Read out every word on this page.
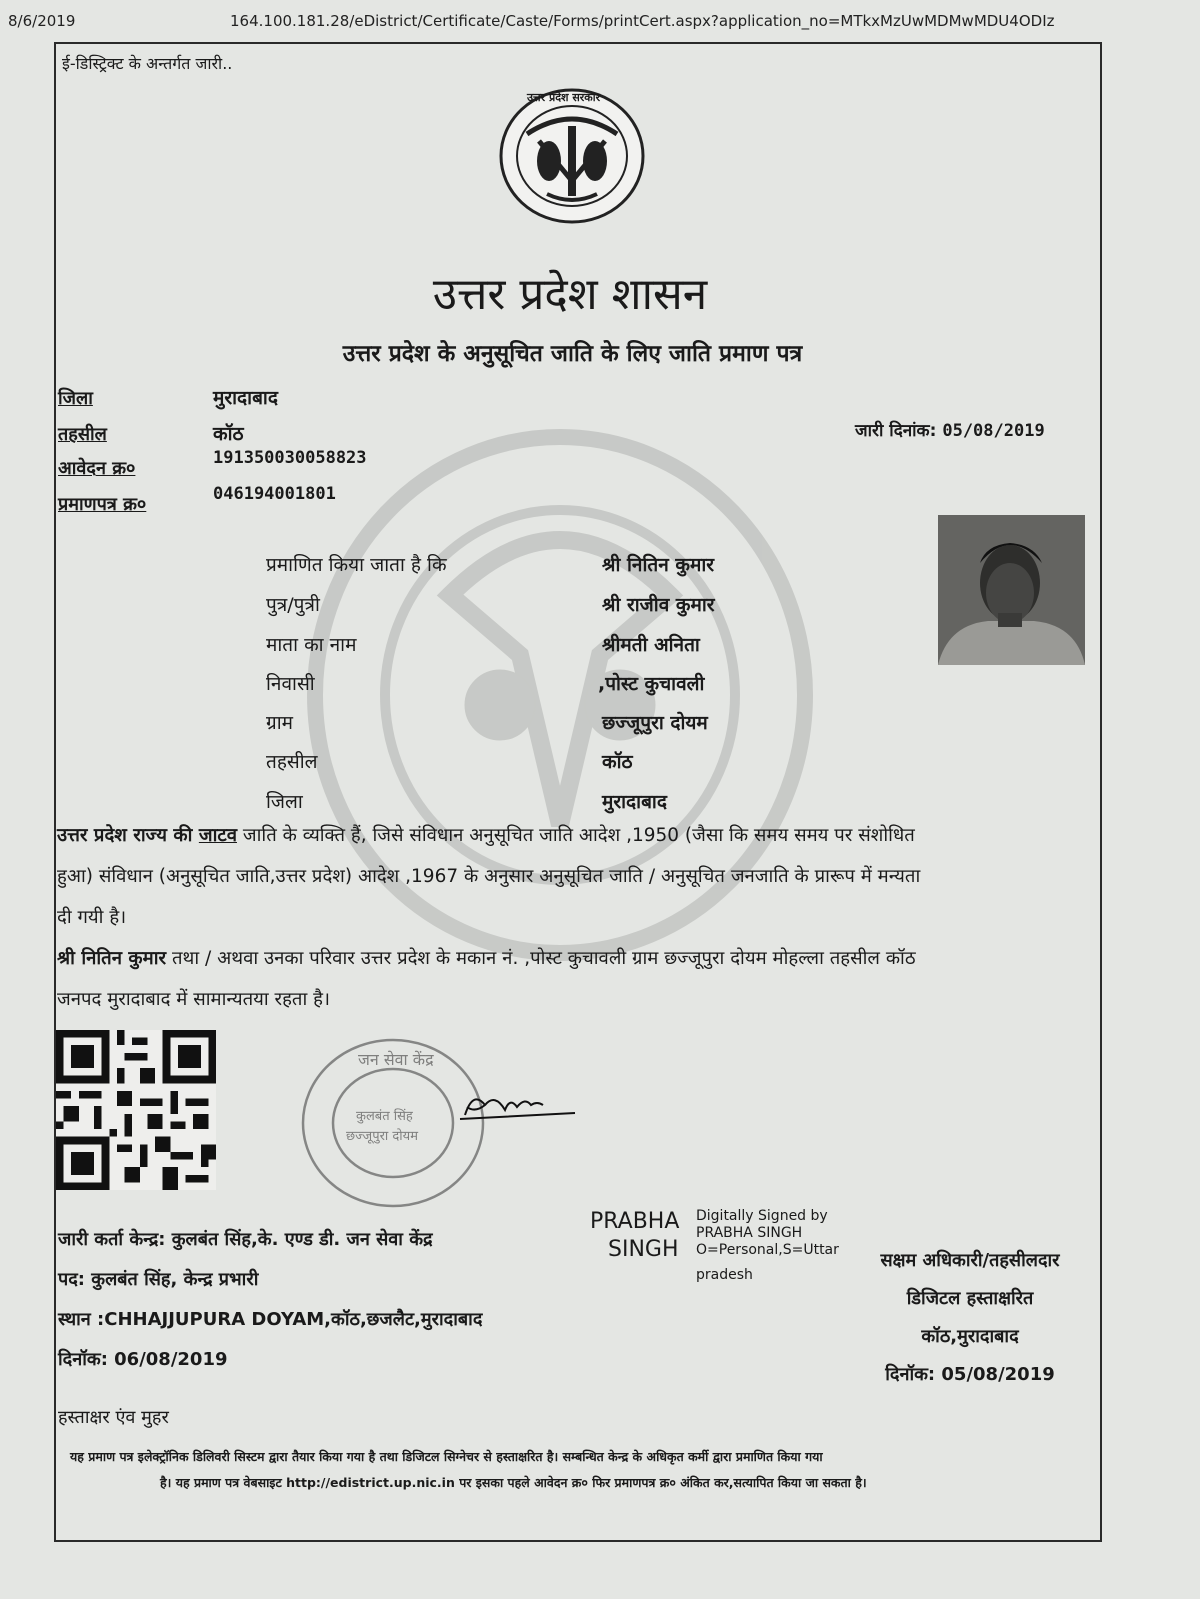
8/6/2019	164.100.181.28/eDistrict/Certificate/Caste/Forms/printCert.aspx?application_no=MTkxMzUwMDMwMDU4ODIz
ई-डिस्ट्रिक्ट के अन्तर्गत जारी..
उत्तर प्रदेश सरकार
उत्तर प्रदेश शासन
उत्तर प्रदेश के अनुसूचित जाति के लिए जाति प्रमाण पत्र
जिला	मुरादाबाद
तहसील	कॉठ
आवेदन क्र०	191350030058823
प्रमाणपत्र क्र०	046194001801
जारी दिनांक: 05/08/2019
प्रमाणित किया जाता है कि	श्री नितिन कुमार
पुत्र/पुत्री	श्री राजीव कुमार
माता का नाम	श्रीमती अनिता
निवासी	,पोस्ट कुचावली
ग्राम	छज्जूपुरा दोयम
तहसील	कॉठ
जिला	मुरादाबाद
उत्तर प्रदेश राज्य की जाटव जाति के व्यक्ति हैं, जिसे संविधान अनुसूचित जाति आदेश ,1950 (जैसा कि समय समय पर संशोधित
हुआ) संविधान (अनुसूचित जाति,उत्तर प्रदेश) आदेश ,1967 के अनुसार अनुसूचित जाति / अनुसूचित जनजाति के प्रारूप में मन्यता
दी गयी है।
श्री नितिन कुमार तथा / अथवा उनका परिवार उत्तर प्रदेश के मकान नं. ,पोस्ट कुचावली ग्राम छज्जूपुरा दोयम मोहल्ला तहसील कॉठ
जनपद मुरादाबाद में सामान्यतया रहता है।
जन सेवा केंद्र
कुलबंत सिंह
छज्जूपुरा दोयम
जारी कर्ता केन्द्र: कुलबंत सिंह,के. एण्ड डी. जन सेवा केंद्र
पद: कुलबंत सिंह, केन्द्र प्रभारी
स्थान :CHHAJJUPURA DOYAM,कॉठ,छजलैट,मुरादाबाद
दिनॉक: 06/08/2019
PRABHA
SINGH
Digitally Signed by
PRABHA SINGH
O=Personal,S=Uttar
pradesh
सक्षम अधिकारी/तहसीलदार
डिजिटल हस्ताक्षरित
कॉठ,मुरादाबाद
दिनॉक: 05/08/2019
हस्ताक्षर एंव मुहर
यह प्रमाण पत्र इलेक्ट्रॉनिक डिलिवरी सिस्टम द्वारा तैयार किया गया है तथा डिजिटल सिग्नेचर से हस्ताक्षरित है। सम्बन्धित केन्द्र के अधिकृत कर्मी द्वारा प्रमाणित किया गया
है। यह प्रमाण पत्र वेबसाइट http://edistrict.up.nic.in पर इसका पहले आवेदन क्र० फिर प्रमाणपत्र क्र० अंकित कर,सत्यापित किया जा सकता है।
